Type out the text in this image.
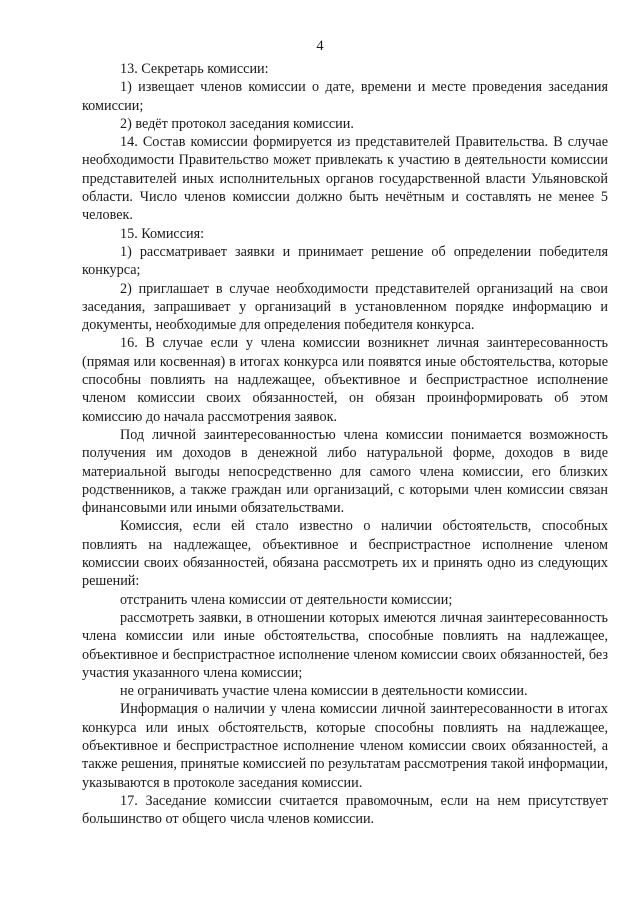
4

13. Секретарь комиссии:

1) извещает членов комиссии о дате, времени и месте проведения заседания комиссии;

2) ведёт протокол заседания комиссии.

14. Состав комиссии формируется из представителей Правительства. В случае необходимости Правительство может привлекать к участию в деятельности комиссии представителей иных исполнительных органов государственной власти Ульяновской области. Число членов комиссии должно быть нечётным и составлять не менее 5 человек.

15. Комиссия:

1) рассматривает заявки и принимает решение об определении победителя конкурса;

2) приглашает в случае необходимости представителей организаций на свои заседания, запрашивает у организаций в установленном порядке информацию и документы, необходимые для определения победителя конкурса.

16. В случае если у члена комиссии возникнет личная заинтересованность (прямая или косвенная) в итогах конкурса или появятся иные обстоятельства, которые способны повлиять на надлежащее, объективное и беспристрастное исполнение членом комиссии своих обязанностей, он обязан проинформировать об этом комиссию до начала рассмотрения заявок.

Под личной заинтересованностью члена комиссии понимается возможность получения им доходов в денежной либо натуральной форме, доходов в виде материальной выгоды непосредственно для самого члена комиссии, его близких родственников, а также граждан или организаций, с которыми член комиссии связан финансовыми или иными обязательствами.

Комиссия, если ей стало известно о наличии обстоятельств, способных повлиять на надлежащее, объективное и беспристрастное исполнение членом комиссии своих обязанностей, обязана рассмотреть их и принять одно из следующих решений:

отстранить члена комиссии от деятельности комиссии;

рассмотреть заявки, в отношении которых имеются личная заинтересованность члена комиссии или иные обстоятельства, способные повлиять на надлежащее, объективное и беспристрастное исполнение членом комиссии своих обязанностей, без участия указанного члена комиссии;

не ограничивать участие члена комиссии в деятельности комиссии.

Информация о наличии у члена комиссии личной заинтересованности в итогах конкурса или иных обстоятельств, которые способны повлиять на надлежащее, объективное и беспристрастное исполнение членом комиссии своих обязанностей, а также решения, принятые комиссией по результатам рассмотрения такой информации, указываются в протоколе заседания комиссии.

17. Заседание комиссии считается правомочным, если на нем присутствует большинство от общего числа членов комиссии.
